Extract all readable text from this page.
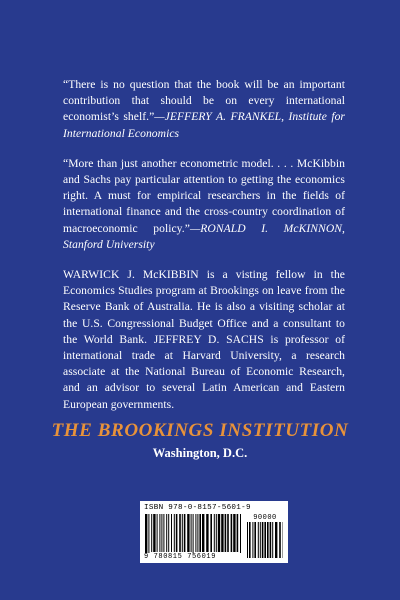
“There is no question that the book will be an important contribution that should be on every international economist’s shelf.”—JEFFERY A. FRANKEL, Institute for International Economics

“More than just another econometric model. . . . McKibbin and Sachs pay particular attention to getting the economics right. A must for empirical researchers in the fields of international finance and the cross-country coordination of macroeconomic policy.”—RONALD I. McKINNON, Stanford University

WARWICK J. McKIBBIN is a visting fellow in the Economics Studies program at Brookings on leave from the Reserve Bank of Australia. He is also a visiting scholar at the U.S. Congressional Budget Office and a consultant to the World Bank. JEFFREY D. SACHS is professor of international trade at Harvard University, a research associate at the National Bureau of Economic Research, and an advisor to several Latin American and Eastern European governments.

THE BROOKINGS INSTITUTION

Washington, D.C.

ISBN 978-0-8157-5601-9
9 780815 756019
90000
